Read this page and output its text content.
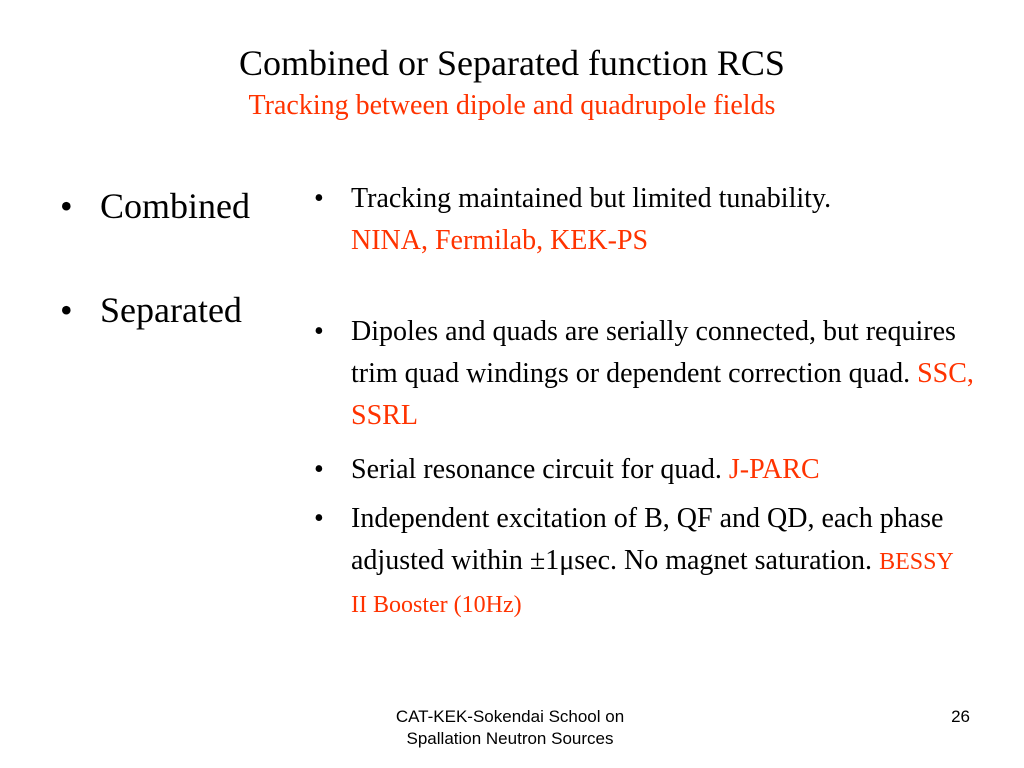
Combined or Separated function RCS
Tracking between dipole and quadrupole fields
• Combined
• Separated
• Tracking maintained but limited tunability.
NINA, Fermilab, KEK-PS
• Dipoles and quads are serially connected, but requires trim quad windings or dependent correction quad. SSC, SSRL
• Serial resonance circuit for quad. J-PARC
• Independent excitation of B, QF and QD, each phase adjusted within ±1μsec. No magnet saturation. BESSY II Booster (10Hz)
CAT-KEK-Sokendai School on
Spallation Neutron Sources
26
